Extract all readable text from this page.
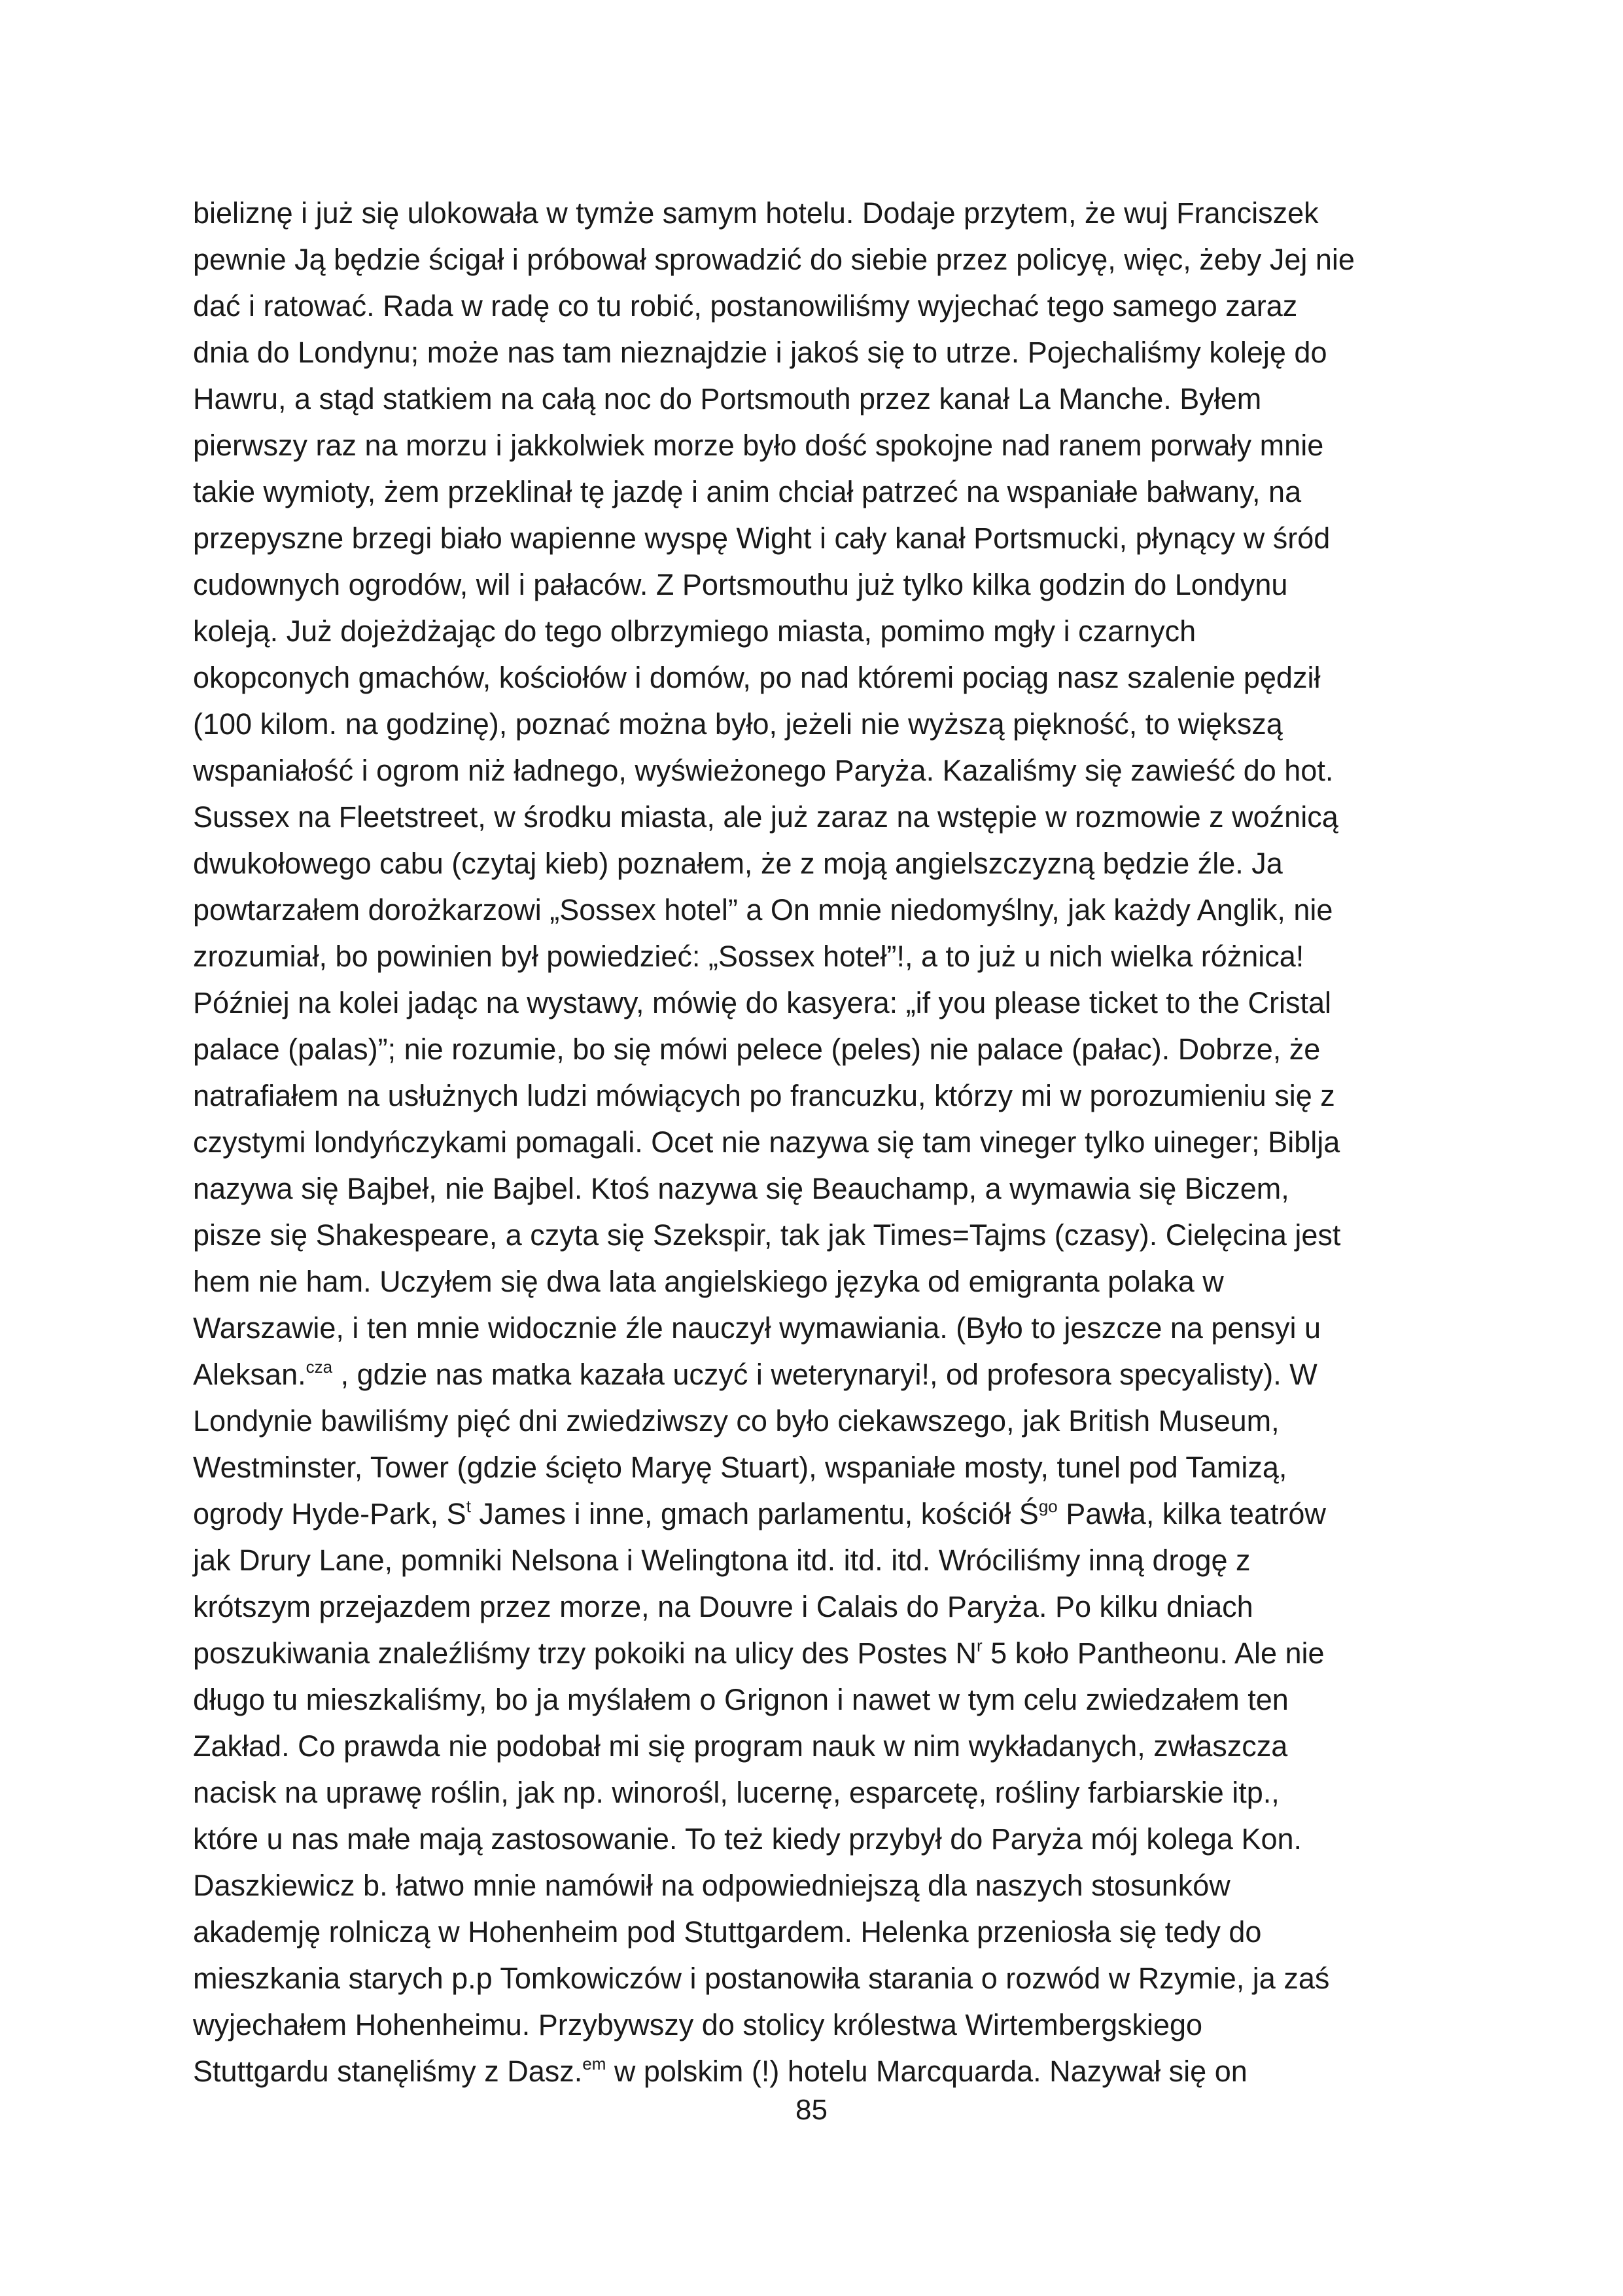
bieliznę i już się ulokowała w tymże samym hotelu. Dodaje przytem, że wuj Franciszek
pewnie Ją będzie ścigał i próbował sprowadzić do siebie przez policyę, więc, żeby Jej nie
dać i ratować. Rada w radę co tu robić, postanowiliśmy wyjechać tego samego zaraz
dnia do Londynu; może nas tam nieznajdzie i jakoś się to utrze. Pojechaliśmy koleję do
Hawru, a stąd statkiem na całą noc do Portsmouth przez kanał La Manche. Byłem
pierwszy raz na morzu i jakkolwiek morze było dość spokojne nad ranem porwały mnie
takie wymioty, żem przeklinał tę jazdę i anim chciał patrzeć na wspaniałe bałwany, na
przepyszne brzegi biało wapienne wyspę Wight i cały kanał Portsmucki, płynący w śród
cudownych ogrodów, wil i pałaców. Z Portsmouthu już tylko kilka godzin do Londynu
koleją. Już dojeżdżając do tego olbrzymiego miasta, pomimo mgły i czarnych
okopconych gmachów, kościołów i domów, po nad któremi pociąg nasz szalenie pędził
(100 kilom. na godzinę), poznać można było, jeżeli nie wyższą piękność, to większą
wspaniałość i ogrom niż ładnego, wyświeżonego Paryża. Kazaliśmy się zawieść do hot.
Sussex na Fleetstreet, w środku miasta, ale już zaraz na wstępie w rozmowie z woźnicą
dwukołowego cabu (czytaj kieb) poznałem, że z moją angielszczyzną będzie źle. Ja
powtarzałem dorożkarzowi „Sossex hotel” a On mnie niedomyślny, jak każdy Anglik, nie
zrozumiał, bo powinien był powiedzieć: „Sossex hoteł”!, a to już u nich wielka różnica!
Później na kolei jadąc na wystawy, mówię do kasyera: „if you please ticket to the Cristal
palace (palas)”; nie rozumie, bo się mówi pelece (peles) nie palace (pałac). Dobrze, że
natrafiałem na usłużnych ludzi mówiących po francuzku, którzy mi w porozumieniu się z
czystymi londyńczykami pomagali. Ocet nie nazywa się tam vineger tylko uineger; Biblja
nazywa się Bajbeł, nie Bajbel. Ktoś nazywa się Beauchamp, a wymawia się Biczem,
pisze się Shakespeare, a czyta się Szekspir, tak jak Times=Tajms (czasy). Cielęcina jest
hem nie ham. Uczyłem się dwa lata angielskiego języka od emigranta polaka w
Warszawie, i ten mnie widocznie źle nauczył wymawiania. (Było to jeszcze na pensyi u
Aleksan.$^{cza}$ , gdzie nas matka kazała uczyć i weterynaryi!, od profesora specyalisty). W
Londynie bawiliśmy pięć dni zwiedziwszy co było ciekawszego, jak British Museum,
Westminster, Tower (gdzie ścięto Maryę Stuart), wspaniałe mosty, tunel pod Tamizą,
ogrody Hyde-Park, S$^t$ James i inne, gmach parlamentu, kościół Ś$^{go}$ Pawła, kilka teatrów
jak Drury Lane, pomniki Nelsona i Welingtona itd. itd. itd. Wróciliśmy inną drogę z
krótszym przejazdem przez morze, na Douvre i Calais do Paryża. Po kilku dniach
poszukiwania znaleźliśmy trzy pokoiki na ulicy des Postes N$^r$ 5 koło Pantheonu. Ale nie
długo tu mieszkaliśmy, bo ja myślałem o Grignon i nawet w tym celu zwiedzałem ten
Zakład. Co prawda nie podobał mi się program nauk w nim wykładanych, zwłaszcza
nacisk na uprawę roślin, jak np. winorośl, lucernę, esparcetę, rośliny farbiarskie itp.,
które u nas małe mają zastosowanie. To też kiedy przybył do Paryża mój kolega Kon.
Daszkiewicz b. łatwo mnie namówił na odpowiedniejszą dla naszych stosunków
akademję rolniczą w Hohenheim pod Stuttgardem. Helenka przeniosła się tedy do
mieszkania starych p.p Tomkowiczów i postanowiła starania o rozwód w Rzymie, ja zaś
wyjechałem Hohenheimu. Przybywszy do stolicy królestwa Wirtembergskiego
Stuttgardu stanęliśmy z Dasz.$^{em}$ w polskim (!) hotelu Marcquarda. Nazywał się on
85
